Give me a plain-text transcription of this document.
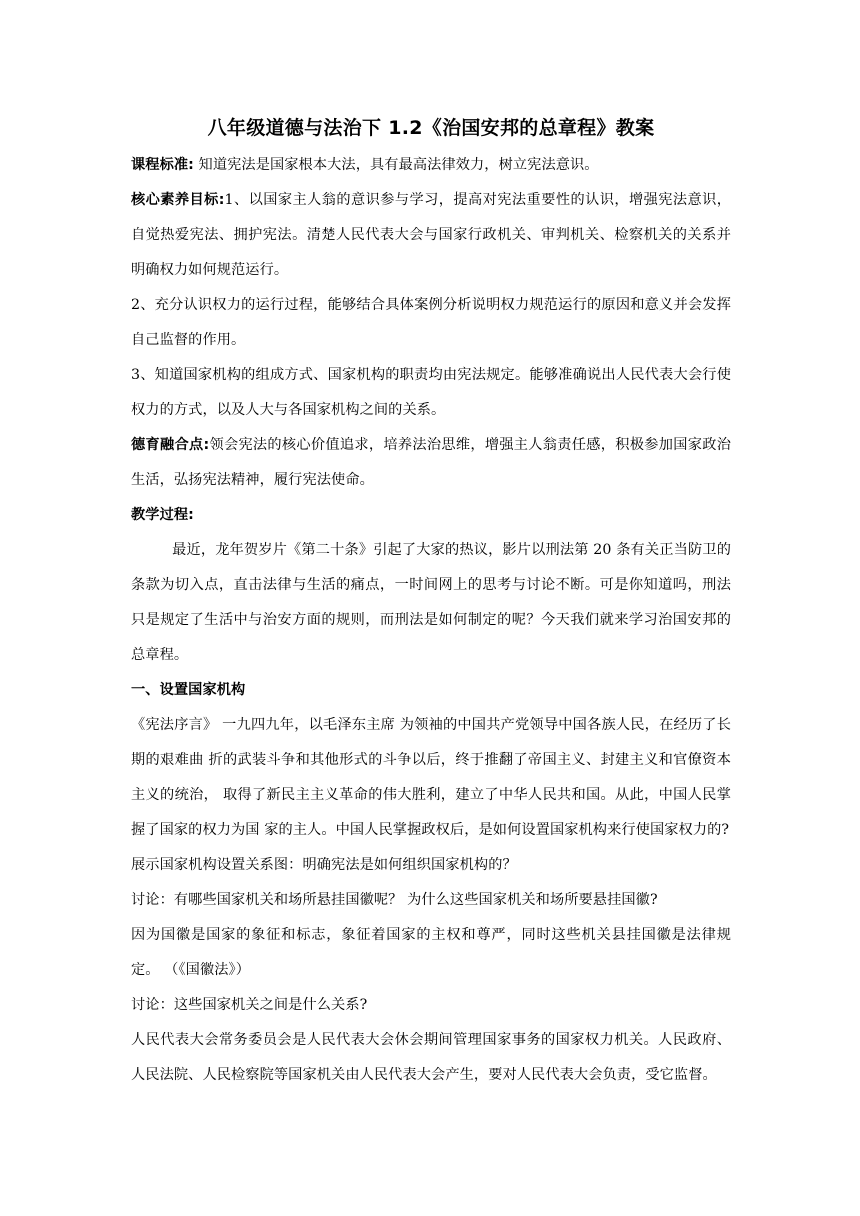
八年级道德与法治下 1.2《治国安邦的总章程》教案

课程标准: 知道宪法是国家根本大法，具有最高法律效力，树立宪法意识。

核心素养目标:1、以国家主人翁的意识参与学习，提高对宪法重要性的认识，增强宪法意识，自觉热爱宪法、拥护宪法。清楚人民代表大会与国家行政机关、审判机关、检察机关的关系并明确权力如何规范运行。

2、充分认识权力的运行过程，能够结合具体案例分析说明权力规范运行的原因和意义并会发挥自己监督的作用。

3、知道国家机构的组成方式、国家机构的职责均由宪法规定。能够准确说出人民代表大会行使权力的方式，以及人大与各国家机构之间的关系。

德育融合点:领会宪法的核心价值追求，培养法治思维，增强主人翁责任感，积极参加国家政治生活，弘扬宪法精神，履行宪法使命。

教学过程:

最近，龙年贺岁片《第二十条》引起了大家的热议，影片以刑法第 20 条有关正当防卫的条款为切入点，直击法律与生活的痛点，一时间网上的思考与讨论不断。可是你知道吗，刑法只是规定了生活中与治安方面的规则，而刑法是如何制定的呢？今天我们就来学习治国安邦的总章程。

一、设置国家机构

《宪法序言》 一九四九年，以毛泽东主席 为领袖的中国共产党领导中国各族人民，在经历了长期的艰难曲 折的武装斗争和其他形式的斗争以后，终于推翻了帝国主义、封建主义和官僚资本主义的统治， 取得了新民主主义革命的伟大胜利，建立了中华人民共和国。从此，中国人民掌握了国家的权力为国 家的主人。中国人民掌握政权后，是如何设置国家机构来行使国家权力的?

展示国家机构设置关系图：明确宪法是如何组织国家机构的？

讨论：有哪些国家机关和场所悬挂国徽呢？ 为什么这些国家机关和场所要悬挂国徽?

因为国徽是国家的象征和标志，象征着国家的主权和尊严，同时这些机关县挂国徽是法律规定。 （《国徽法》）

讨论：这些国家机关之间是什么关系?

人民代表大会常务委员会是人民代表大会休会期间管理国家事务的国家权力机关。人民政府、人民法院、人民检察院等国家机关由人民代表大会产生，要对人民代表大会负责，受它监督。
